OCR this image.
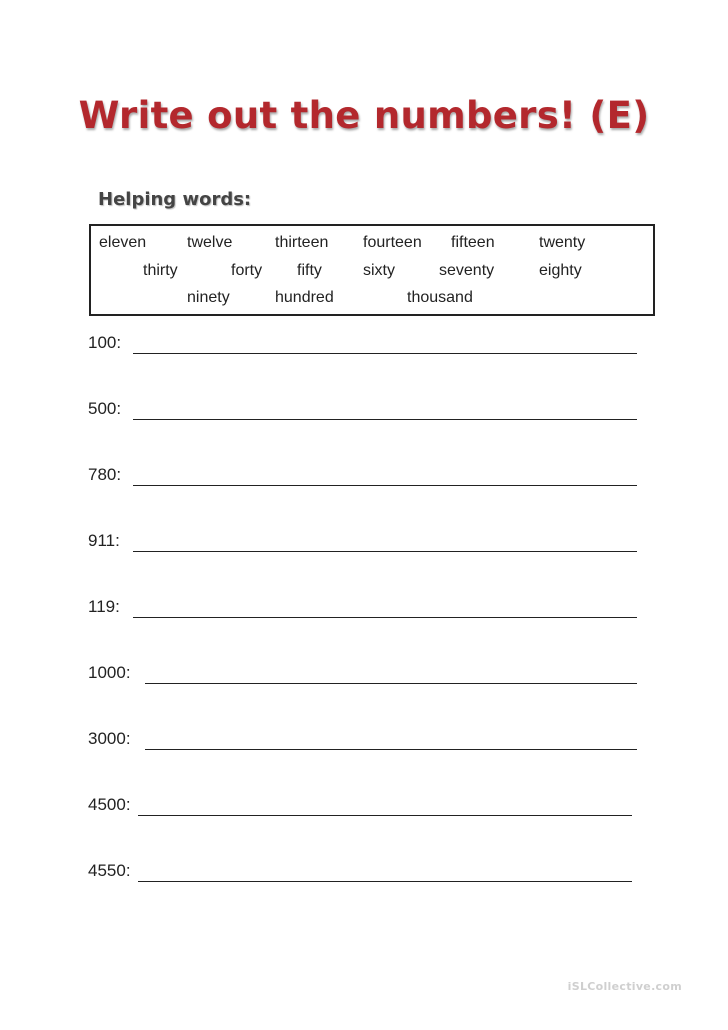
Write out the numbers! (E)
Helping words:
eleven	twelve	thirteen fourteen fifteen	twenty
thirty	forty fifty	sixty	seventy	eighty
ninety	hundred	thousand
100:
500:
780:
911:
119:
1000:
3000:
4500:
4550:
iSLCollective.com
